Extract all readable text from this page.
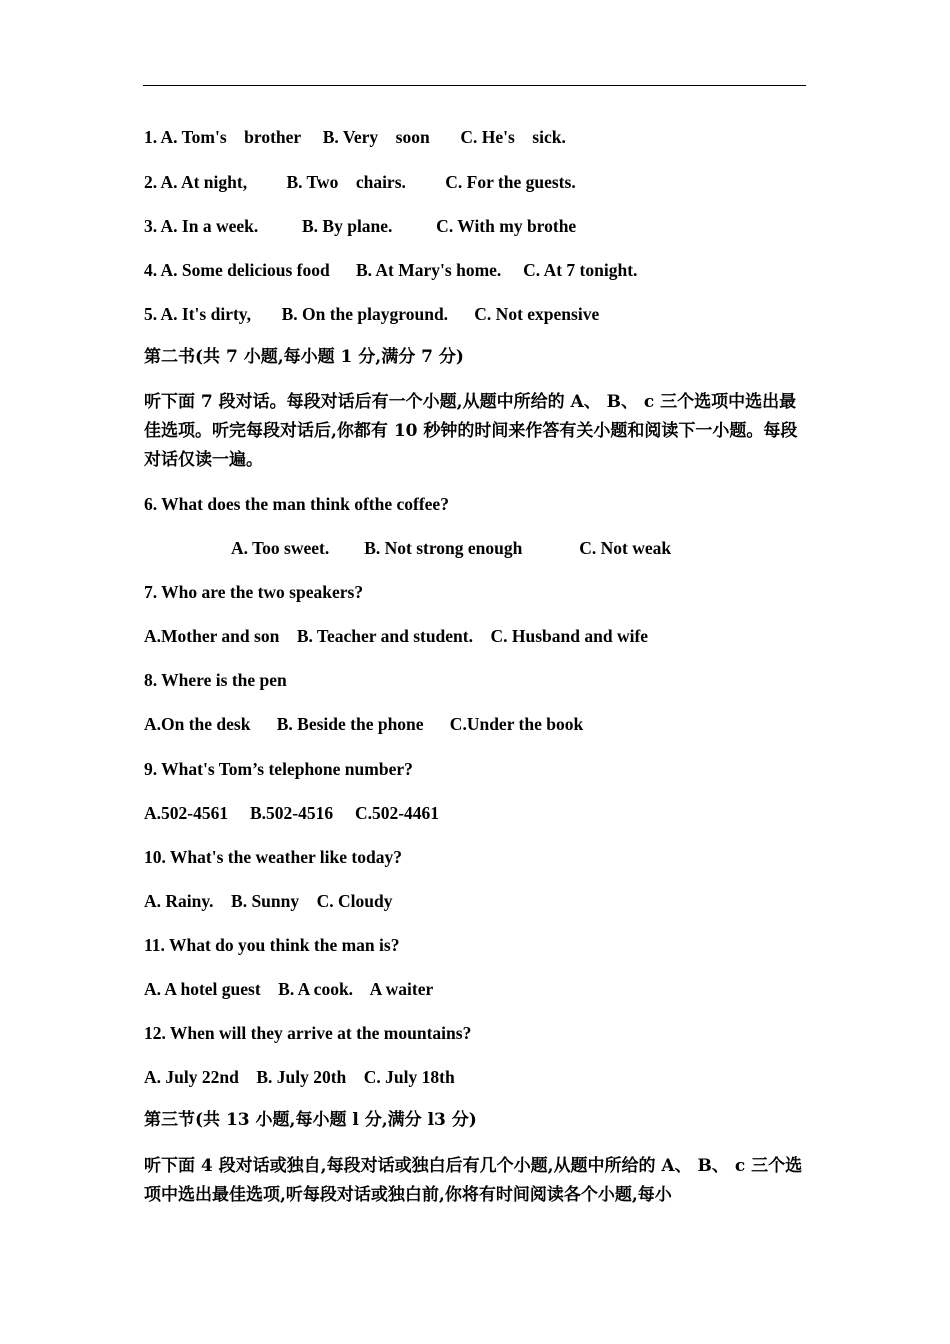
1. A. Tom's    brother     B. Very    soon       C. He's    sick.
2. A. At night,         B. Two    chairs.         C. For the guests.
3. A. In a week.          B. By plane.          C. With my brothe
4. A. Some delicious food      B. At Mary's home.     C. At 7 tonight.
5. A. It's dirty,       B. On the playground.      C. Not expensive
第二书(共 7 小题,每小题 1 分,满分 7 分)
听下面 7 段对话。每段对话后有一个小题,从题中所给的 A、 B、 c 三个选项中选出最佳选项。听完每段对话后,你都有 10 秒钟的时间来作答有关小题和阅读下一小题。每段对话仅读一遍。
6. What does the man think ofthe coffee?
A. Too sweet.        B. Not strong enough             C. Not weak
7. Who are the two speakers?
A.Mother and son    B. Teacher and student.    C. Husband and wife
8. Where is the pen
A.On the desk      B. Beside the phone      C.Under the book
9. What's Tom’s telephone number?
A.502-4561     B.502-4516     C.502-4461
10. What's the weather like today?
A. Rainy.    B. Sunny    C. Cloudy
11. What do you think the man is?
A. A hotel guest    B. A cook.    A waiter
12. When will they arrive at the mountains?
A. July 22nd    B. July 20th    C. July 18th
第三节(共 13 小题,每小题 l 分,满分 l3 分)
听下面 4 段对话或独自,每段对话或独白后有几个小题,从题中所给的 A、 B、 c 三个选项中选出最佳选项,听每段对话或独白前,你将有时间阅读各个小题,每小
